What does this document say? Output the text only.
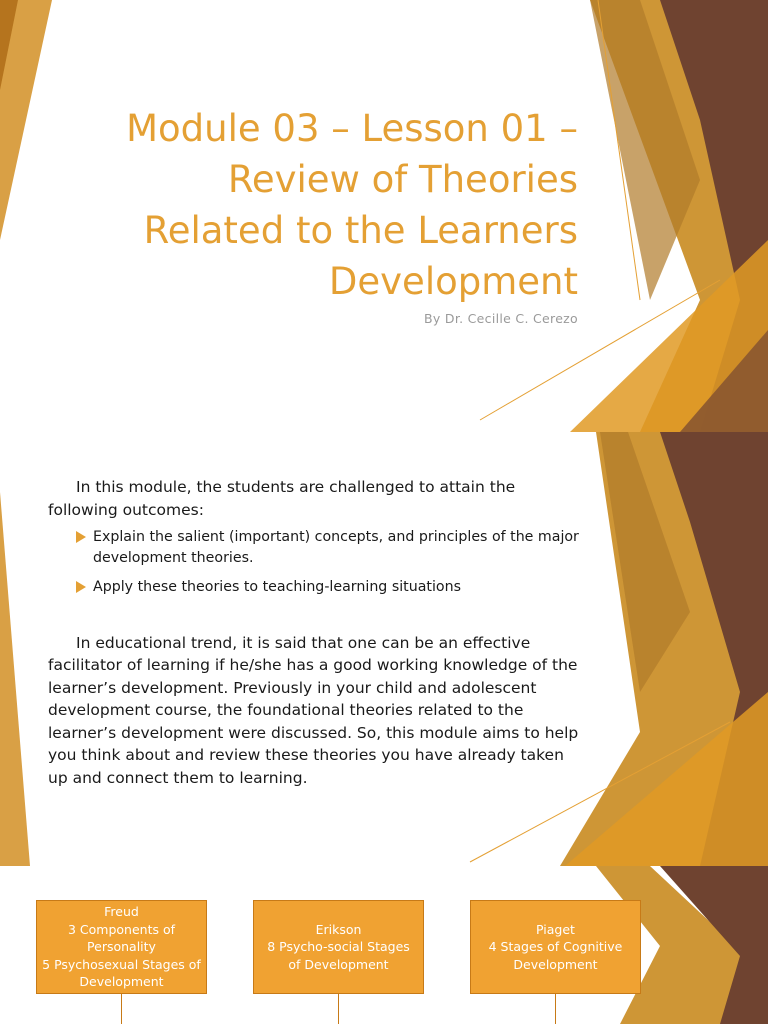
Module 03 – Lesson 01 –
Review of Theories
Related to the Learners
Development
By Dr. Cecille C. Cerezo

In this module, the students are challenged to attain the following outcomes:

Explain the salient (important) concepts, and principles of the major development theories.
Apply these theories to teaching-learning situations

In educational trend, it is said that one can be an effective facilitator of learning if he/she has a good working knowledge of the learner’s development. Previously in your child and adolescent development course, the foundational theories related to the learner’s development were discussed. So, this module aims to help you think about and review these theories you have already taken up and connect them to learning.

Freud
3 Components of
Personality
5 Psychosexual Stages of
Development
Erikson
8 Psycho-social Stages
of Development
Piaget
4 Stages of Cognitive
Development
